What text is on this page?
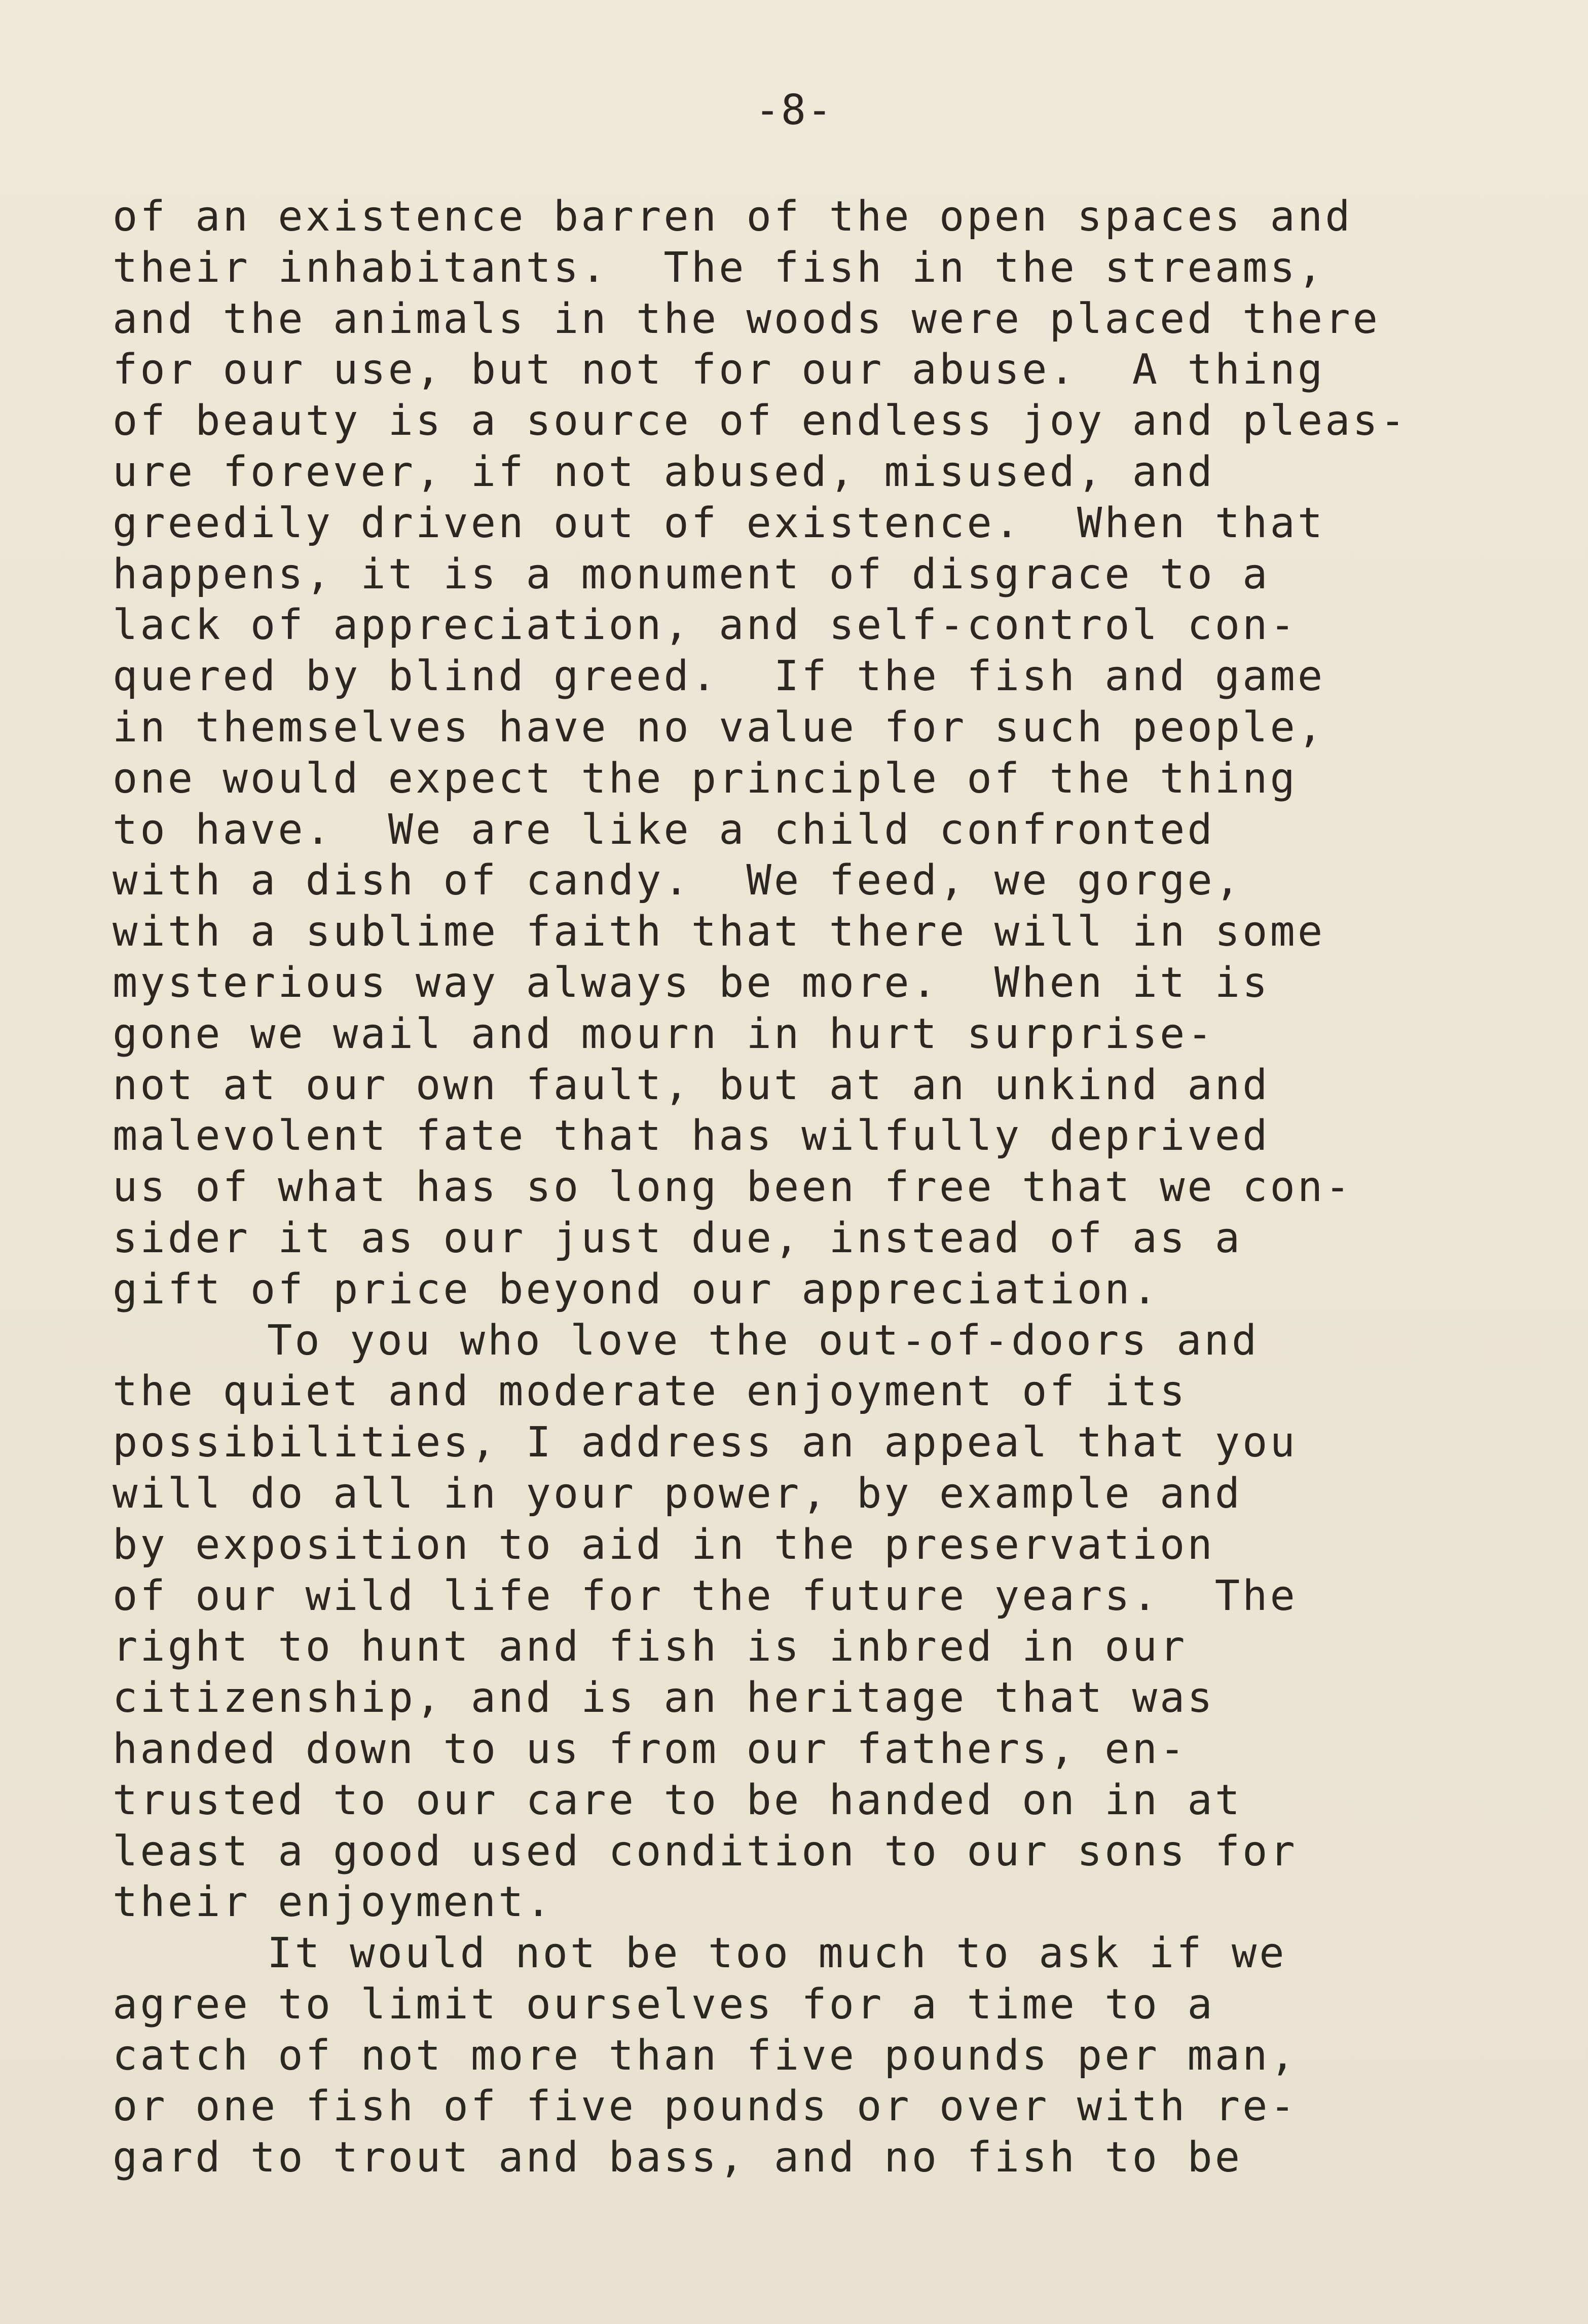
-8-
of an existence barren of the open spaces and
their inhabitants.  The fish in the streams,
and the animals in the woods were placed there
for our use, but not for our abuse.  A thing
of beauty is a source of endless joy and pleas-
ure forever, if not abused, misused, and
greedily driven out of existence.  When that
happens, it is a monument of disgrace to a
lack of appreciation, and self-control con-
quered by blind greed.  If the fish and game
in themselves have no value for such people,
one would expect the principle of the thing
to have.  We are like a child confronted
with a dish of candy.  We feed, we gorge,
with a sublime faith that there will in some
mysterious way always be more.  When it is
gone we wail and mourn in hurt surprise-
not at our own fault, but at an unkind and
malevolent fate that has wilfully deprived
us of what has so long been free that we con-
sider it as our just due, instead of as a
gift of price beyond our appreciation.
To you who love the out-of-doors and
the quiet and moderate enjoyment of its
possibilities, I address an appeal that you
will do all in your power, by example and
by exposition to aid in the preservation
of our wild life for the future years.  The
right to hunt and fish is inbred in our
citizenship, and is an heritage that was
handed down to us from our fathers, en-
trusted to our care to be handed on in at
least a good used condition to our sons for
their enjoyment.
It would not be too much to ask if we
agree to limit ourselves for a time to a
catch of not more than five pounds per man,
or one fish of five pounds or over with re-
gard to trout and bass, and no fish to be
